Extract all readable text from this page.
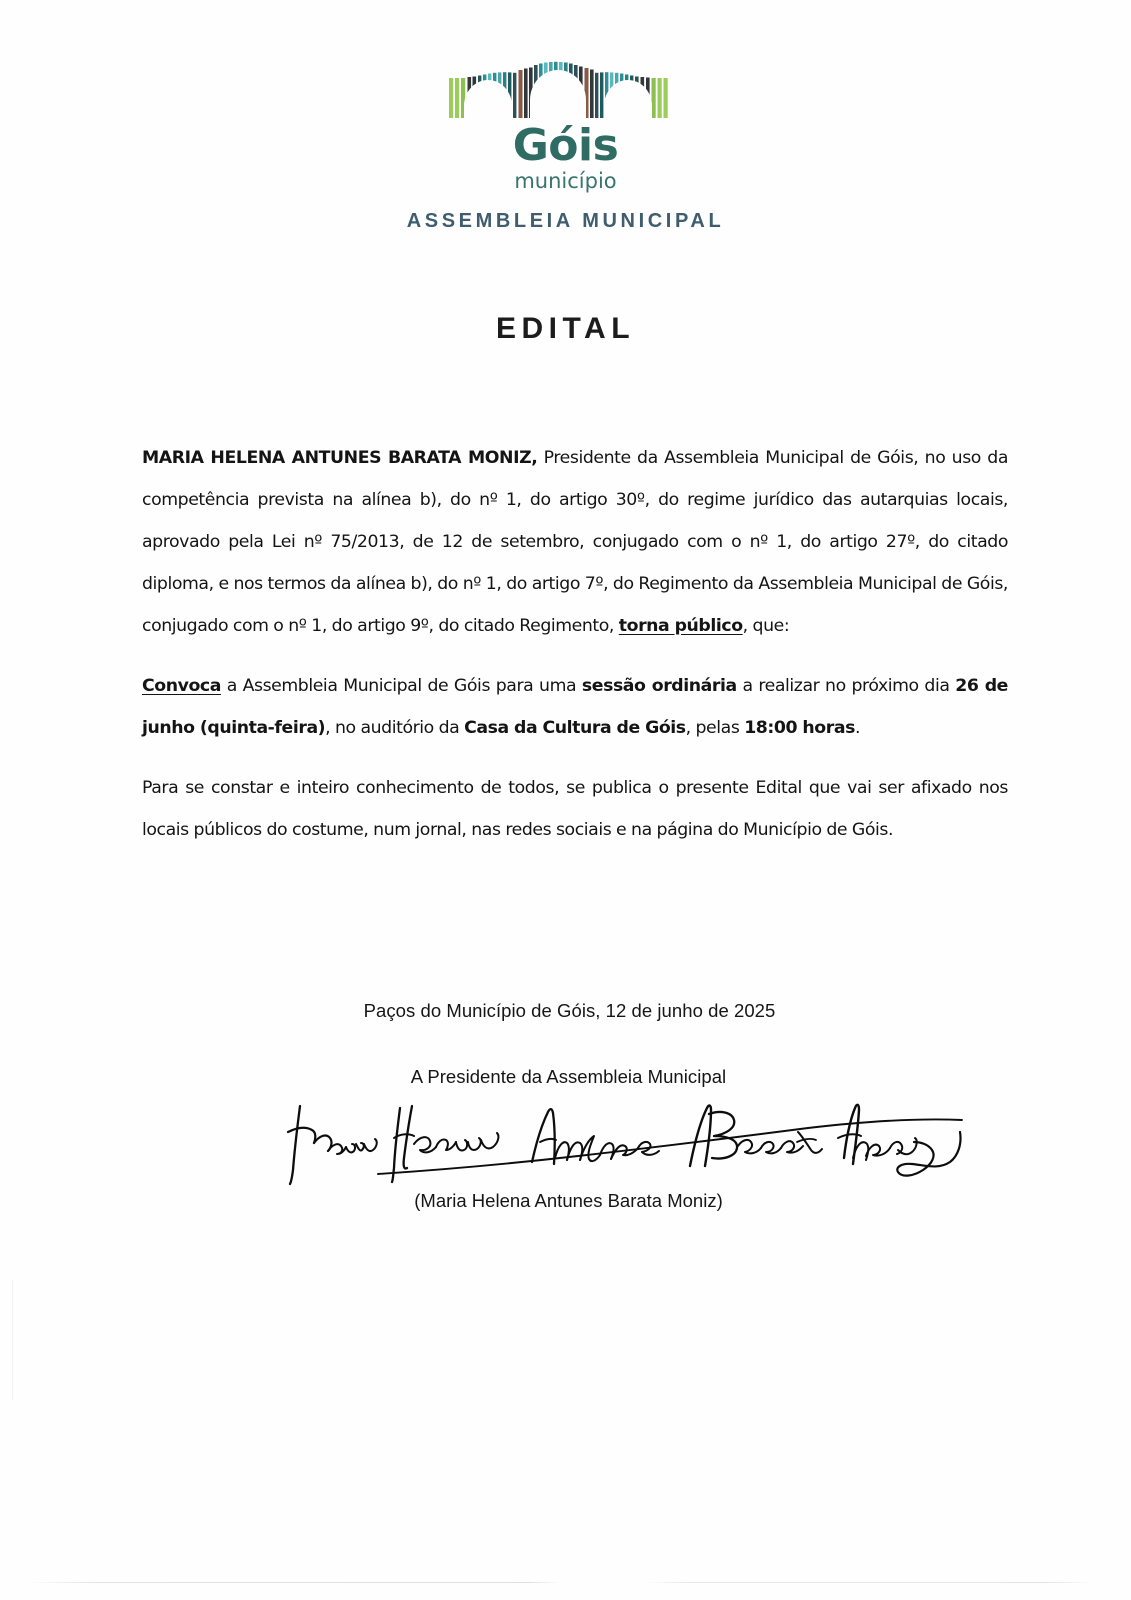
Góis
município
ASSEMBLEIA MUNICIPAL
EDITAL

MARIA HELENA ANTUNES BARATA MONIZ, Presidente da Assembleia Municipal de Góis, no uso da competência prevista na alínea b), do nº 1, do artigo 30º, do regime jurídico das autarquias locais, aprovado pela Lei nº 75/2013, de 12 de setembro, conjugado com o nº 1, do artigo 27º, do citado diploma, e nos termos da alínea b), do nº 1, do artigo 7º, do Regimento da Assembleia Municipal de Góis, conjugado com o nº 1, do artigo 9º, do citado Regimento, torna público, que:

Convoca a Assembleia Municipal de Góis para uma sessão ordinária a realizar no próximo dia 26 de junho (quinta-feira), no auditório da Casa da Cultura de Góis, pelas 18:00 horas.

Para se constar e inteiro conhecimento de todos, se publica o presente Edital que vai ser afixado nos locais públicos do costume, num jornal, nas redes sociais e na página do Município de Góis.

Paços do Município de Góis, 12 de junho de 2025
A Presidente da Assembleia Municipal
(Maria Helena Antunes Barata Moniz)
